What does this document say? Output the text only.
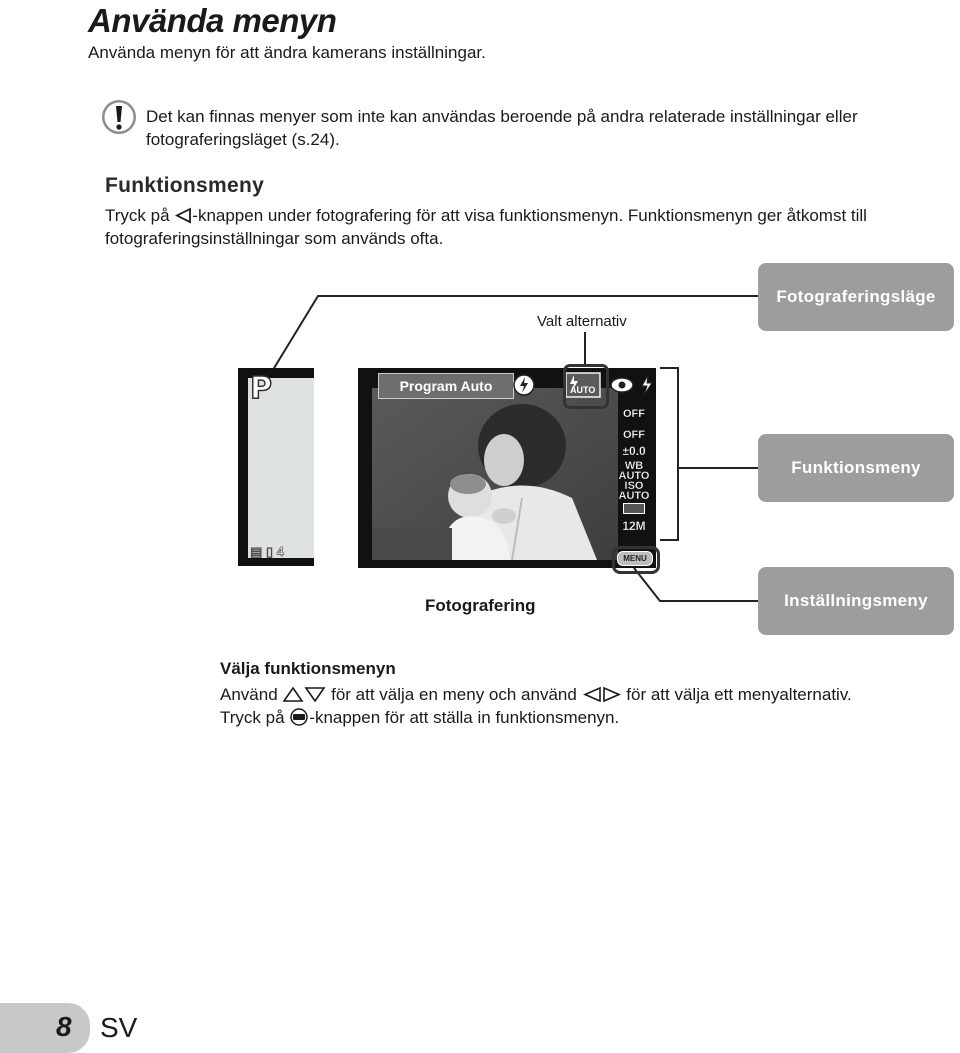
Använda menyn
Använda menyn för att ändra kamerans inställningar.
Det kan finnas menyer som inte kan användas beroende på andra relaterade inställningar eller fotograferingsläget (s.24).
Funktionsmeny
Tryck på -knappen under fotografering för att visa funktionsmenyn. Funktionsmenyn ger åtkomst till fotograferingsinställningar som används ofta.
P
▤ ▯ 4
Program Auto	AUTO
OFF
OFF
±0.0
WB AUTO
ISO AUTO
12M
MENU
Valt alternativ
Fotograferingsläge
Funktionsmeny
Inställningsmeny
Fotografering
Välja funktionsmenyn
Använd	för att välja en meny och använd  för att välja ett menyalternativ.
Tryck på -knappen för att ställa in funktionsmenyn.
8 SV
